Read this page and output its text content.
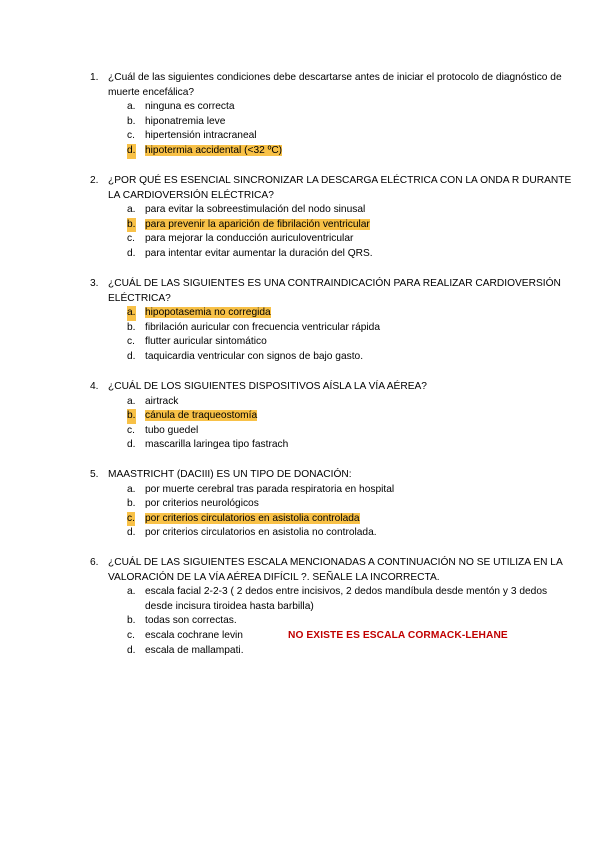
1. ¿Cuál de las siguientes condiciones debe descartarse antes de iniciar el protocolo de diagnóstico de muerte encefálica?
a. ninguna es correcta
b. hiponatremia leve
c. hipertensión intracraneal
d. hipotermia accidental (<32 ºC)
2. ¿POR QUÉ ES ESENCIAL SINCRONIZAR LA DESCARGA ELÉCTRICA CON LA ONDA R DURANTE LA CARDIOVERSIÓN ELÉCTRICA?
a. para evitar la sobreestimulación del nodo sinusal
b. para prevenir la aparición de fibrilación ventricular
c. para mejorar la conducción auriculoventricular
d. para intentar evitar aumentar la duración del QRS.
3. ¿CUÁL DE LAS SIGUIENTES ES UNA CONTRAINDICACIÓN PARA REALIZAR CARDIOVERSIÓN ELÉCTRICA?
a. hipopotasemia no corregida
b. fibrilación auricular con frecuencia ventricular rápida
c. flutter auricular sintomático
d. taquicardia ventricular con signos de bajo gasto.
4. ¿CUÁL DE LOS SIGUIENTES DISPOSITIVOS AÍSLA LA VÍA AÉREA?
a. airtrack
b. cánula de traqueostomía
c. tubo guedel
d. mascarilla laringea tipo fastrach
5. MAASTRICHT (DACIII) ES UN TIPO DE DONACIÓN:
a. por muerte cerebral tras parada respiratoria en hospital
b. por criterios neurológicos
c. por criterios circulatorios en asistolia controlada
d. por criterios circulatorios en asistolia no controlada.
6. ¿CUÁL DE LAS SIGUIENTES ESCALA MENCIONADAS A CONTINUACIÓN NO SE UTILIZA EN LA VALORACIÓN DE LA VÍA AÉREA DIFÍCIL ?. SEÑALE LA INCORRECTA.
a. escala facial 2-2-3 ( 2 dedos entre incisivos, 2 dedos mandíbula desde mentón y 3 dedos desde incisura tiroidea hasta barbilla)
b. todas son correctas.
c. escala cochrane levin
d. escala de mallampati.
NO EXISTE ES ESCALA CORMACK-LEHANE
